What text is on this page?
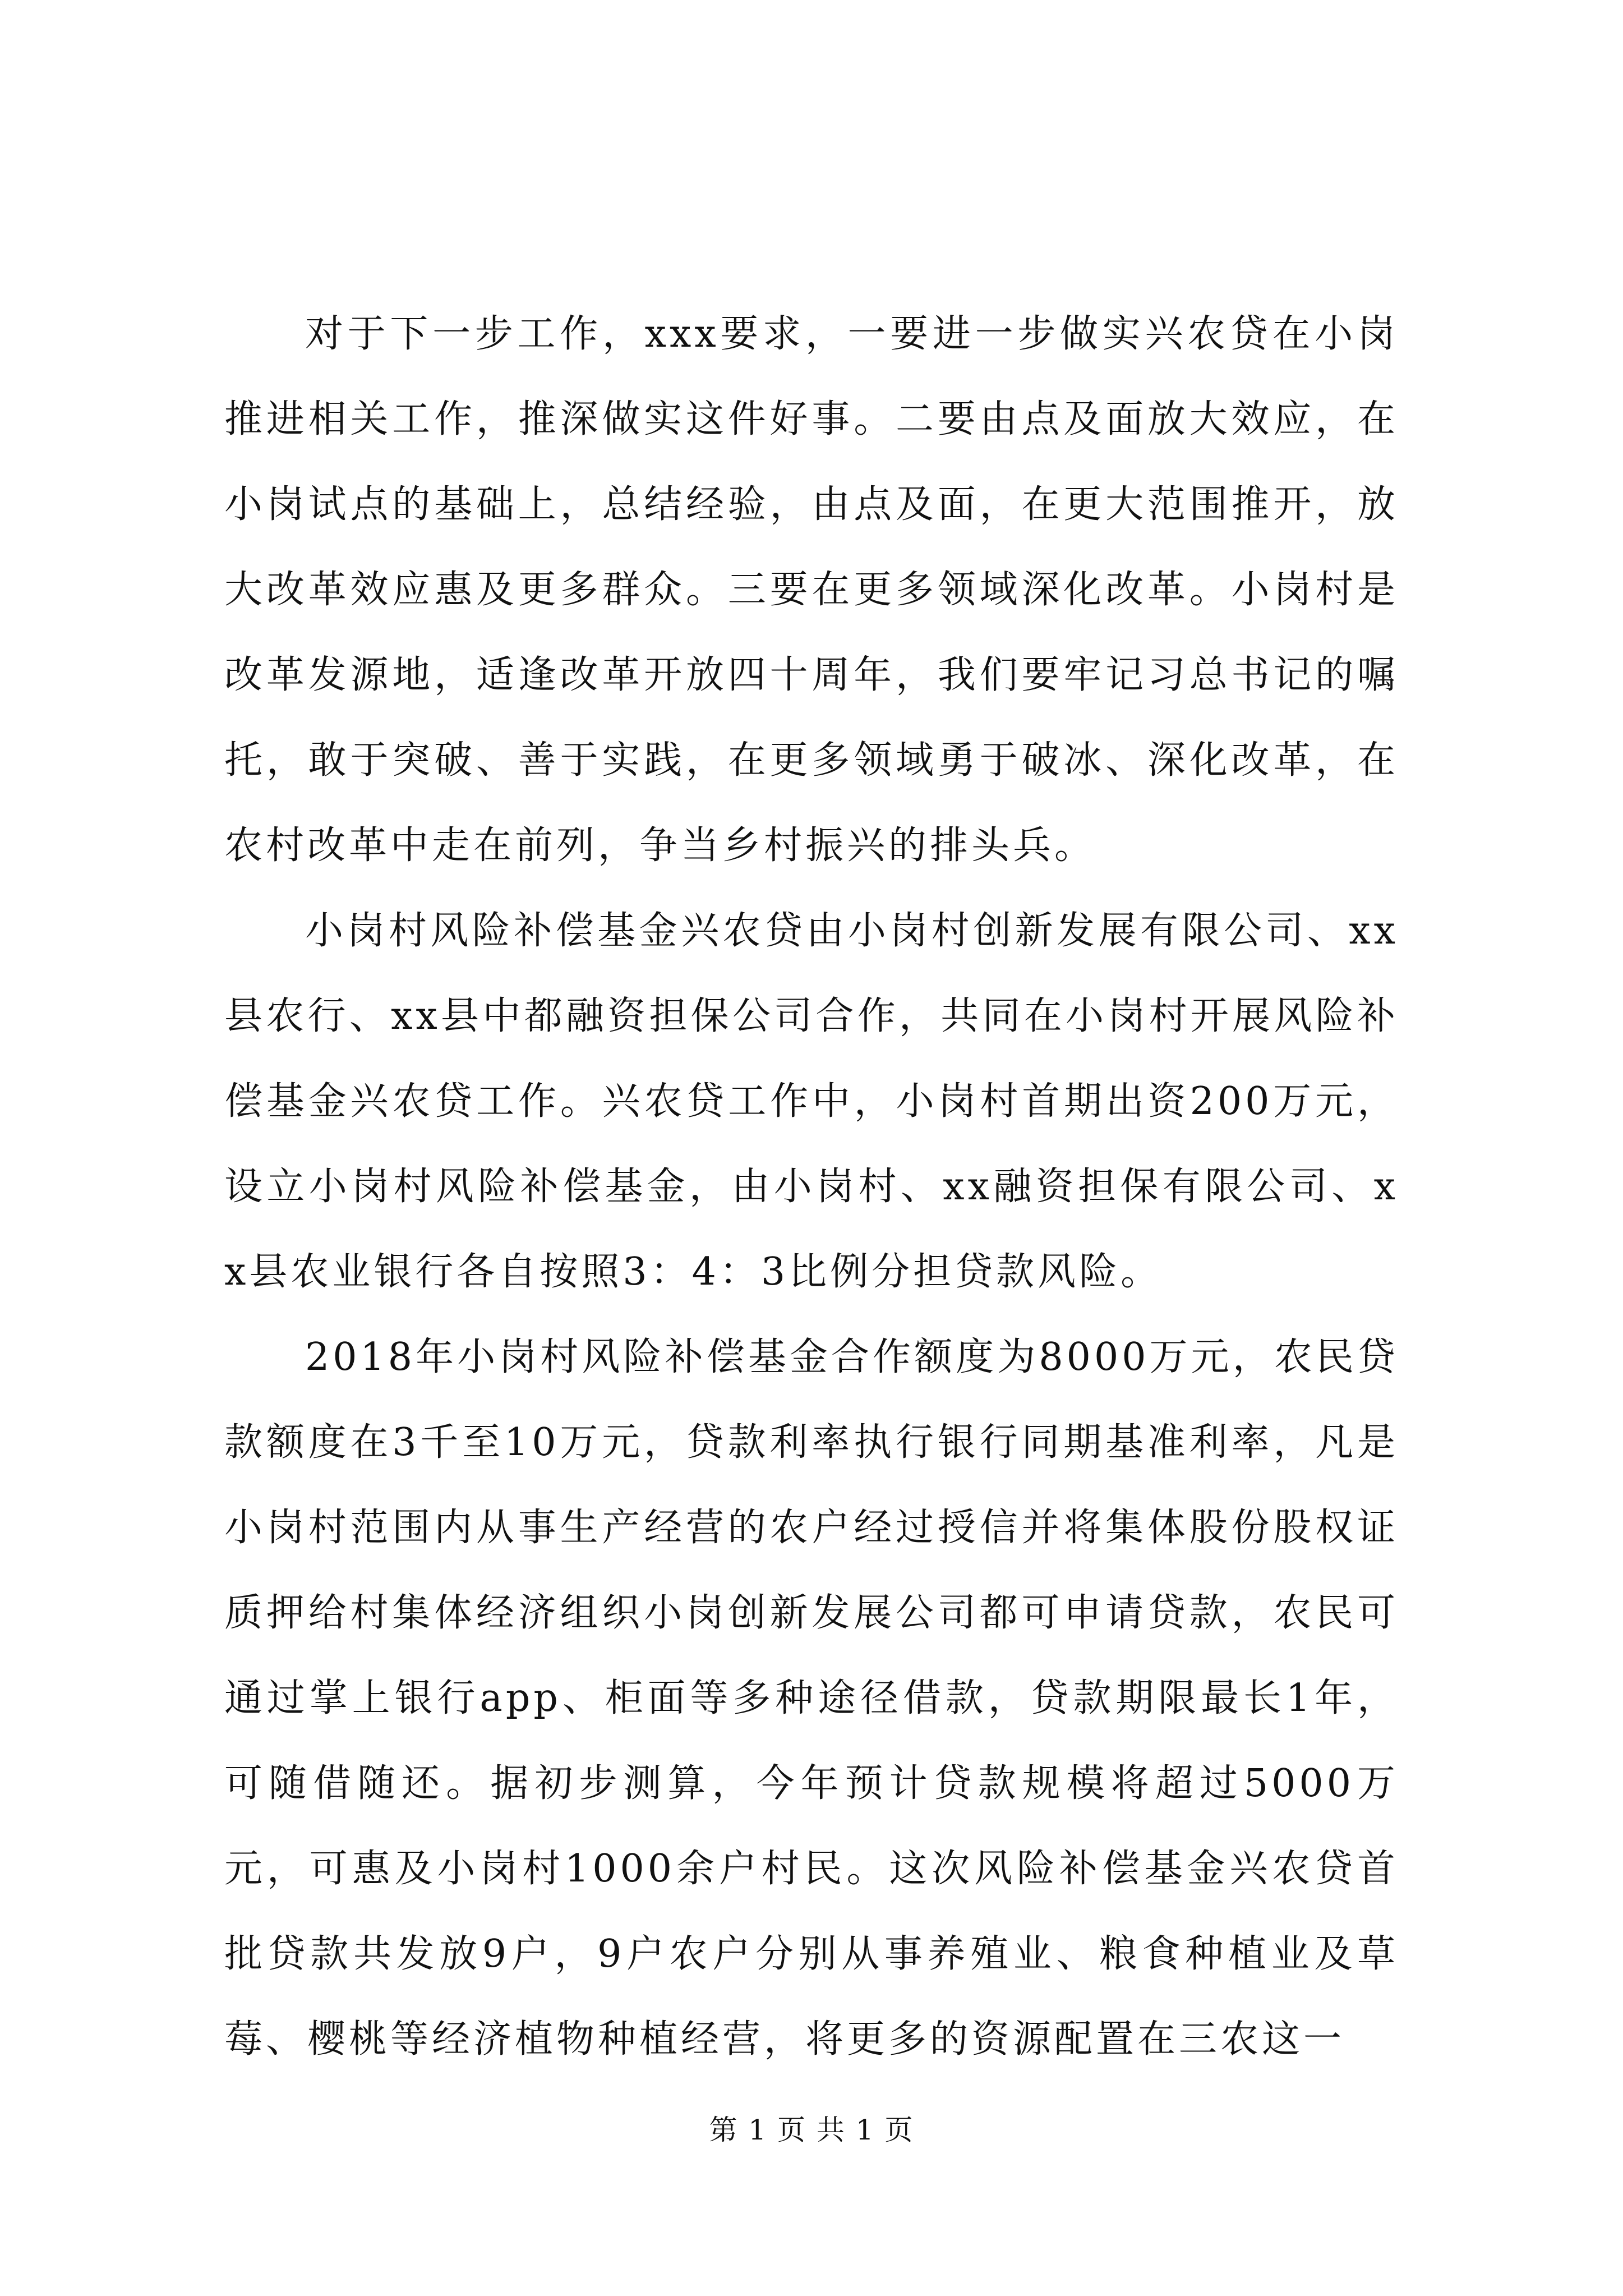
对于下一步工作，xxx要求，一要进一步做实兴农贷在小岗推进相关工作，推深做实这件好事。二要由点及面放大效应，在小岗试点的基础上，总结经验，由点及面，在更大范围推开，放大改革效应惠及更多群众。三要在更多领域深化改革。小岗村是改革发源地，适逢改革开放四十周年，我们要牢记习总书记的嘱托，敢于突破、善于实践，在更多领域勇于破冰、深化改革，在农村改革中走在前列，争当乡村振兴的排头兵。

小岗村风险补偿基金兴农贷由小岗村创新发展有限公司、xx县农行、xx县中都融资担保公司合作，共同在小岗村开展风险补偿基金兴农贷工作。兴农贷工作中，小岗村首期出资200万元，设立小岗村风险补偿基金，由小岗村、xx融资担保有限公司、xx县农业银行各自按照3：4：3比例分担贷款风险。

2018年小岗村风险补偿基金合作额度为8000万元，农民贷款额度在3千至10万元，贷款利率执行银行同期基准利率，凡是小岗村范围内从事生产经营的农户经过授信并将集体股份股权证质押给村集体经济组织小岗创新发展公司都可申请贷款，农民可通过掌上银行app、柜面等多种途径借款，贷款期限最长1年，可随借随还。据初步测算，今年预计贷款规模将超过5000万元，可惠及小岗村1000余户村民。这次风险补偿基金兴农贷首批贷款共发放9户，9户农户分别从事养殖业、粮食种植业及草莓、樱桃等经济植物种植经营，将更多的资源配置在三农这一

第 1 页 共 1 页
